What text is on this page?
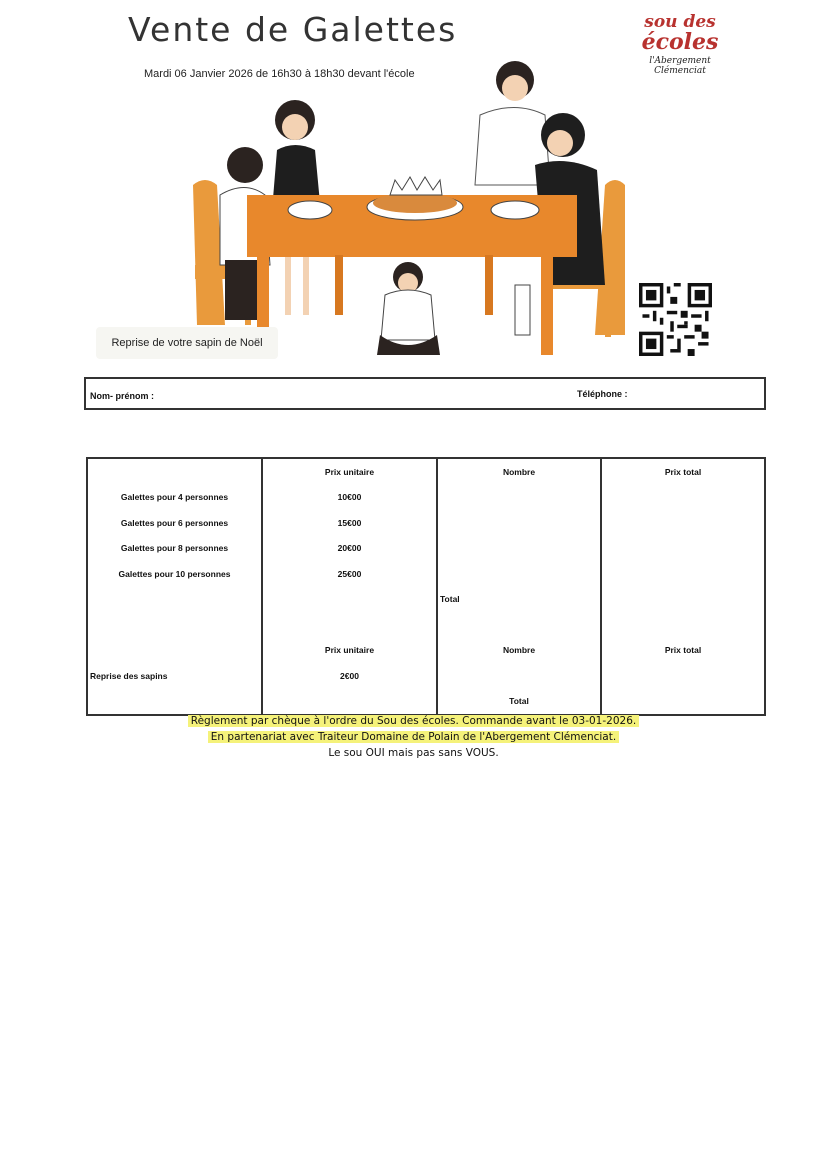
Vente de Galettes
Mardi 06 Janvier 2026 de 16h30 à 18h30 devant l'école
sou des
écoles
l'Abergement
Clémenciat
Reprise de votre sapin de Noël
Nom- prénom :	Téléphone :
	Prix unitaire	Nombre	Prix total
Galettes pour 4 personnes	10€00		
Galettes pour 6 personnes	15€00		
Galettes pour 8 personnes	20€00		
Galettes pour 10 personnes	25€00		
		Total	

	Prix unitaire	Nombre	Prix total
Reprise des sapins	2€00		
		Total	
Règlement par chèque à l'ordre du Sou des écoles. Commande avant le 03-01-2026.
En partenariat avec Traiteur Domaine de Polain de l'Abergement Clémenciat.
Le sou OUI mais pas sans VOUS.
